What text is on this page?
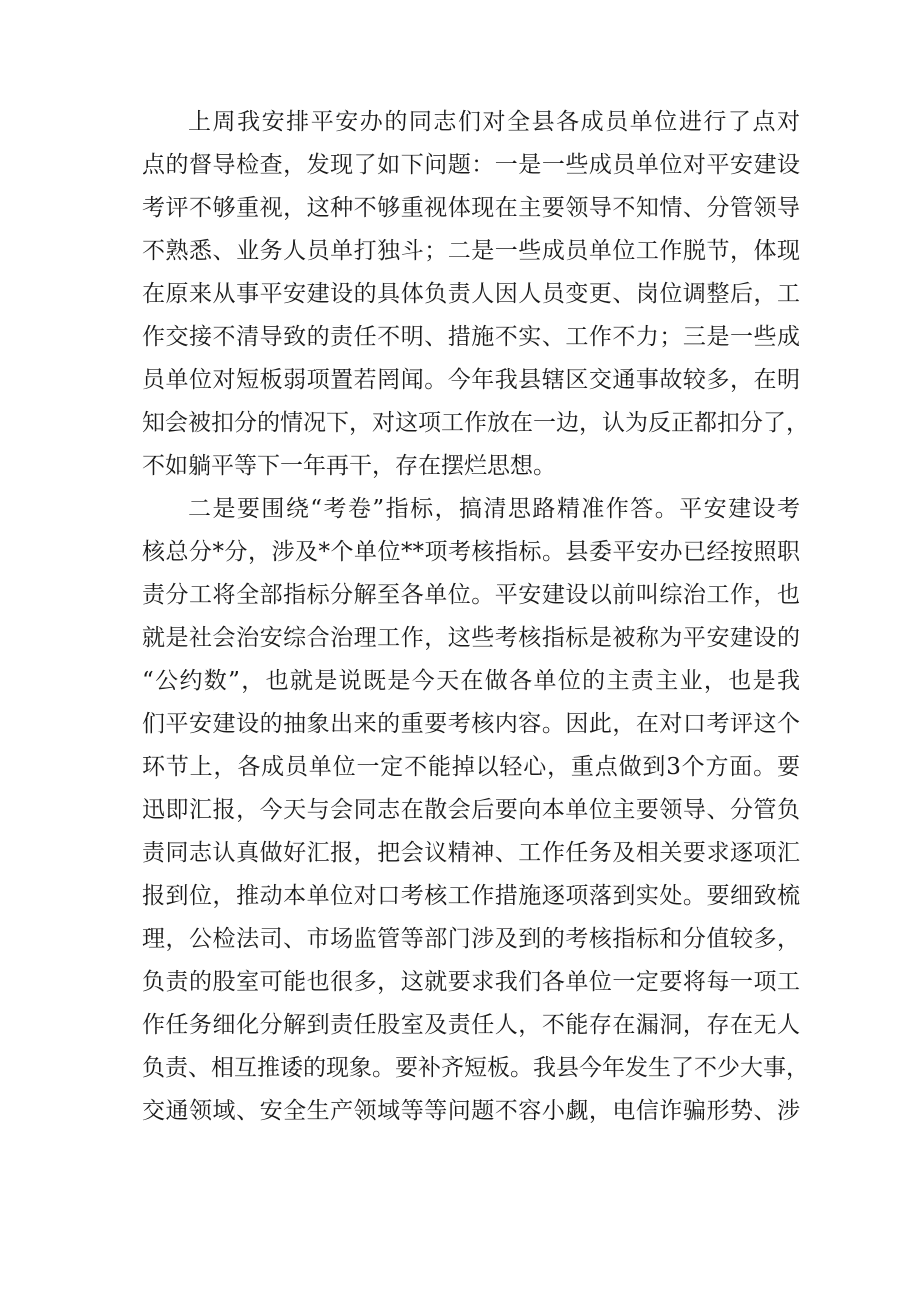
上周我安排平安办的同志们对全县各成员单位进行了点对
点的督导检查，发现了如下问题：一是一些成员单位对平安建设
考评不够重视，这种不够重视体现在主要领导不知情、分管领导
不熟悉、业务人员单打独斗；二是一些成员单位工作脱节，体现
在原来从事平安建设的具体负责人因人员变更、岗位调整后，工
作交接不清导致的责任不明、措施不实、工作不力；三是一些成
员单位对短板弱项置若罔闻。今年我县辖区交通事故较多，在明
知会被扣分的情况下，对这项工作放在一边，认为反正都扣分了，
不如躺平等下一年再干，存在摆烂思想。
二是要围绕“考卷”指标，搞清思路精准作答。平安建设考
核总分*分，涉及*个单位**项考核指标。县委平安办已经按照职
责分工将全部指标分解至各单位。平安建设以前叫综治工作，也
就是社会治安综合治理工作，这些考核指标是被称为平安建设的
“公约数”，也就是说既是今天在做各单位的主责主业，也是我
们平安建设的抽象出来的重要考核内容。因此，在对口考评这个
环节上，各成员单位一定不能掉以轻心，重点做到3个方面。要
迅即汇报，今天与会同志在散会后要向本单位主要领导、分管负
责同志认真做好汇报，把会议精神、工作任务及相关要求逐项汇
报到位，推动本单位对口考核工作措施逐项落到实处。要细致梳
理，公检法司、市场监管等部门涉及到的考核指标和分值较多，
负责的股室可能也很多，这就要求我们各单位一定要将每一项工
作任务细化分解到责任股室及责任人，不能存在漏洞，存在无人
负责、相互推诿的现象。要补齐短板。我县今年发生了不少大事，
交通领域、安全生产领域等等问题不容小觑，电信诈骗形势、涉
